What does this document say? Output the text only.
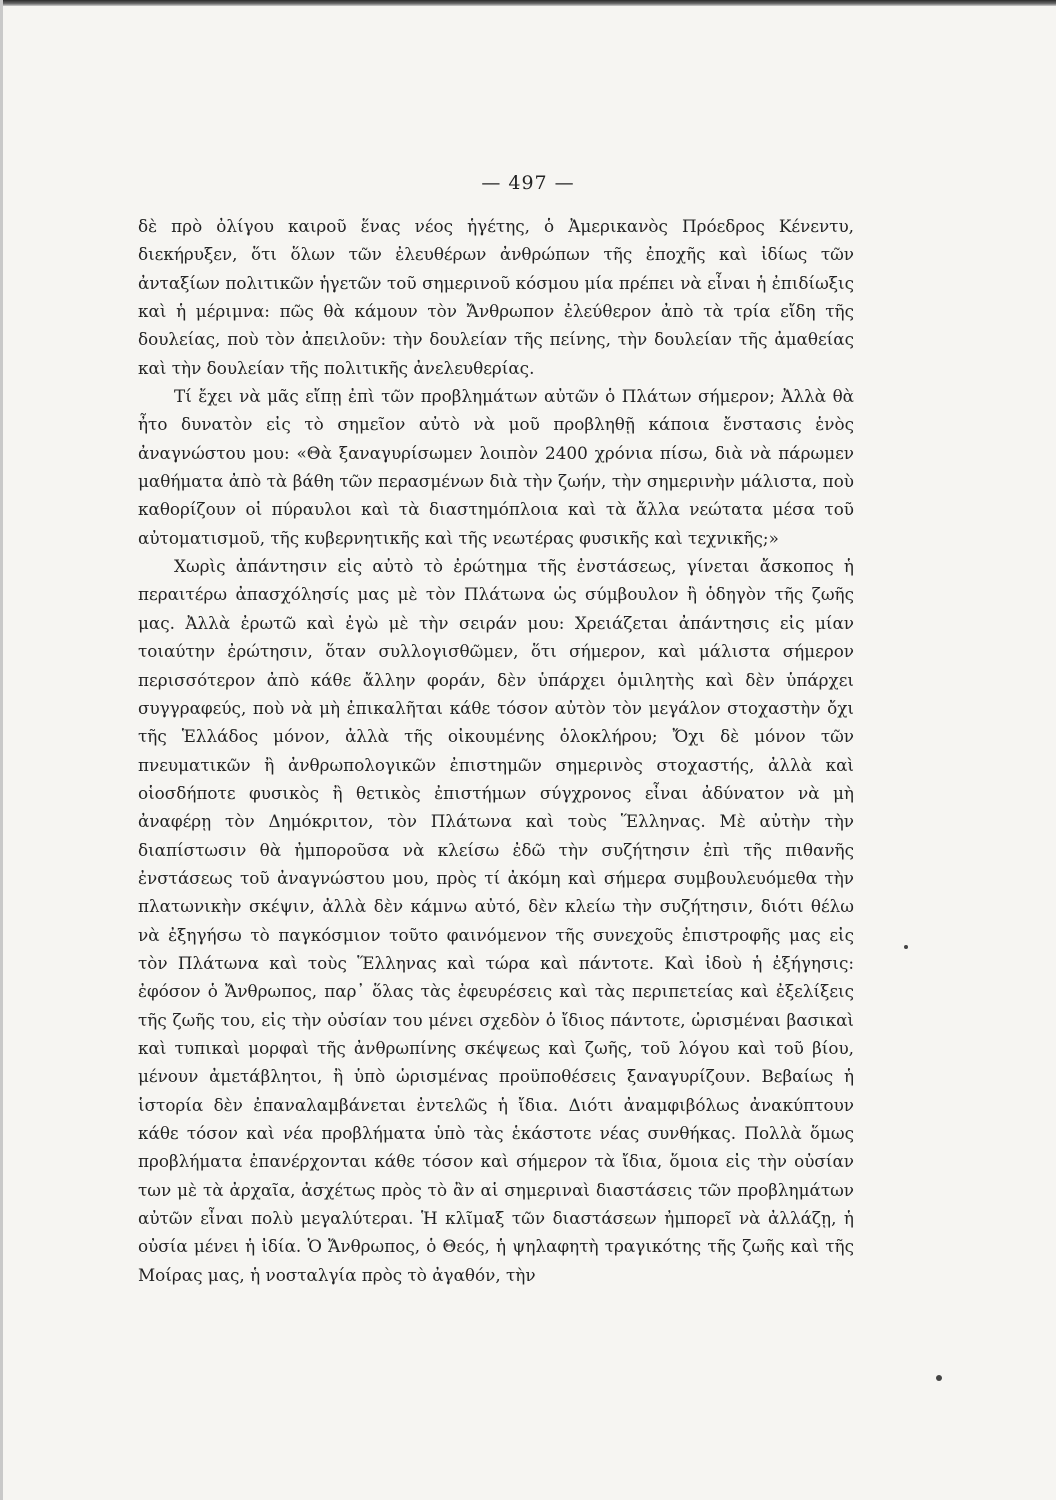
— 497 —

δὲ πρὸ ὀλίγου καιροῦ ἕνας νέος ἡγέτης, ὁ Ἀμερικανὸς Πρόεδρος Κένεντυ, διεκήρυξεν, ὅτι ὅλων τῶν ἐλευθέρων ἀνθρώπων τῆς ἐποχῆς καὶ ἰδίως τῶν ἀνταξίων πολιτικῶν ἡγετῶν τοῦ σημερινοῦ κόσμου μία πρέπει νὰ εἶναι ἡ ἐπιδίωξις καὶ ἡ μέριμνα: πῶς θὰ κάμουν τὸν Ἄνθρωπον ἐλεύθερον ἀπὸ τὰ τρία εἴδη τῆς δουλείας, ποὺ τὸν ἀπειλοῦν: τὴν δουλείαν τῆς πείνης, τὴν δουλείαν τῆς ἀμαθείας καὶ τὴν δουλείαν τῆς πολιτικῆς ἀνελευθερίας.

Τί ἔχει νὰ μᾶς εἴπῃ ἐπὶ τῶν προβλημάτων αὐτῶν ὁ Πλάτων σήμερον; Ἀλλὰ θὰ ἦτο δυνατὸν εἰς τὸ σημεῖον αὐτὸ νὰ μοῦ προβληθῇ κάποια ἔνστασις ἑνὸς ἀναγνώστου μου: «Θὰ ξαναγυρίσωμεν λοιπὸν 2400 χρόνια πίσω, διὰ νὰ πάρωμεν μαθήματα ἀπὸ τὰ βάθη τῶν περασμένων διὰ τὴν ζωήν, τὴν σημερινὴν μάλιστα, ποὺ καθορίζουν οἱ πύραυλοι καὶ τὰ διαστημόπλοια καὶ τὰ ἄλλα νεώτατα μέσα τοῦ αὐτοματισμοῦ, τῆς κυβερνητικῆς καὶ τῆς νεωτέρας φυσικῆς καὶ τεχνικῆς;»

Χωρὶς ἀπάντησιν εἰς αὐτὸ τὸ ἐρώτημα τῆς ἐνστάσεως, γίνεται ἄσκοπος ἡ περαιτέρω ἀπασχόλησίς μας μὲ τὸν Πλάτωνα ὡς σύμβουλον ἢ ὁδηγὸν τῆς ζωῆς μας. Ἀλλὰ ἐρωτῶ καὶ ἐγὼ μὲ τὴν σειράν μου: Χρειάζεται ἀπάντησις εἰς μίαν τοιαύτην ἐρώτησιν, ὅταν συλλογισθῶμεν, ὅτι σήμερον, καὶ μάλιστα σήμερον περισσότερον ἀπὸ κάθε ἄλλην φοράν, δὲν ὑπάρχει ὁμιλητὴς καὶ δὲν ὑπάρχει συγγραφεύς, ποὺ νὰ μὴ ἐπικαλῆται κάθε τόσον αὐτὸν τὸν μεγάλον στοχαστὴν ὄχι τῆς Ἑλλάδος μόνον, ἀλλὰ τῆς οἰκουμένης ὁλοκλήρου; Ὄχι δὲ μόνον τῶν πνευματικῶν ἢ ἀνθρωπολογικῶν ἐπιστημῶν σημερινὸς στοχαστής, ἀλλὰ καὶ οἱοσδήποτε φυσικὸς ἢ θετικὸς ἐπιστήμων σύγχρονος εἶναι ἀδύνατον νὰ μὴ ἀναφέρῃ τὸν Δημόκριτον, τὸν Πλάτωνα καὶ τοὺς Ἕλληνας. Μὲ αὐτὴν τὴν διαπίστωσιν θὰ ἠμποροῦσα νὰ κλείσω ἐδῶ τὴν συζήτησιν ἐπὶ τῆς πιθανῆς ἐνστάσεως τοῦ ἀναγνώστου μου, πρὸς τί ἀκόμη καὶ σήμερα συμβουλευόμεθα τὴν πλατωνικὴν σκέψιν, ἀλλὰ δὲν κάμνω αὐτό, δὲν κλείω τὴν συζήτησιν, διότι θέλω νὰ ἐξηγήσω τὸ παγκόσμιον τοῦτο φαινόμενον τῆς συνεχοῦς ἐπιστροφῆς μας εἰς τὸν Πλάτωνα καὶ τοὺς Ἕλληνας καὶ τώρα καὶ πάντοτε. Καὶ ἰδοὺ ἡ ἐξήγησις: ἐφόσον ὁ Ἄνθρωπος, παρ᾽ ὅλας τὰς ἐφευρέσεις καὶ τὰς περιπετείας καὶ ἐξελίξεις τῆς ζωῆς του, εἰς τὴν οὐσίαν του μένει σχεδὸν ὁ ἴδιος πάντοτε, ὡρισμέναι βασικαὶ καὶ τυπικαὶ μορφαὶ τῆς ἀνθρωπίνης σκέψεως καὶ ζωῆς, τοῦ λόγου καὶ τοῦ βίου, μένουν ἀμετάβλητοι, ἢ ὑπὸ ὡρισμένας προϋποθέσεις ξαναγυρίζουν. Βεβαίως ἡ ἱστορία δὲν ἐπαναλαμβάνεται ἐντελῶς ἡ ἴδια. Διότι ἀναμφιβόλως ἀνακύπτουν κάθε τόσον καὶ νέα προβλήματα ὑπὸ τὰς ἑκάστοτε νέας συνθήκας. Πολλὰ ὅμως προβλήματα ἐπανέρχονται κάθε τόσον καὶ σήμερον τὰ ἴδια, ὅμοια εἰς τὴν οὐσίαν των μὲ τὰ ἀρχαῖα, ἀσχέτως πρὸς τὸ ἂν αἱ σημεριναὶ διαστάσεις τῶν προβλημάτων αὐτῶν εἶναι πολὺ μεγαλύτεραι. Ἡ κλῖμαξ τῶν διαστάσεων ἠμπορεῖ νὰ ἀλλάζῃ, ἡ οὐσία μένει ἡ ἰδία. Ὁ Ἄνθρωπος, ὁ Θεός, ἡ ψηλαφητὴ τραγικότης τῆς ζωῆς καὶ τῆς Μοίρας μας, ἡ νοσταλγία πρὸς τὸ ἀγαθόν, τὴν
